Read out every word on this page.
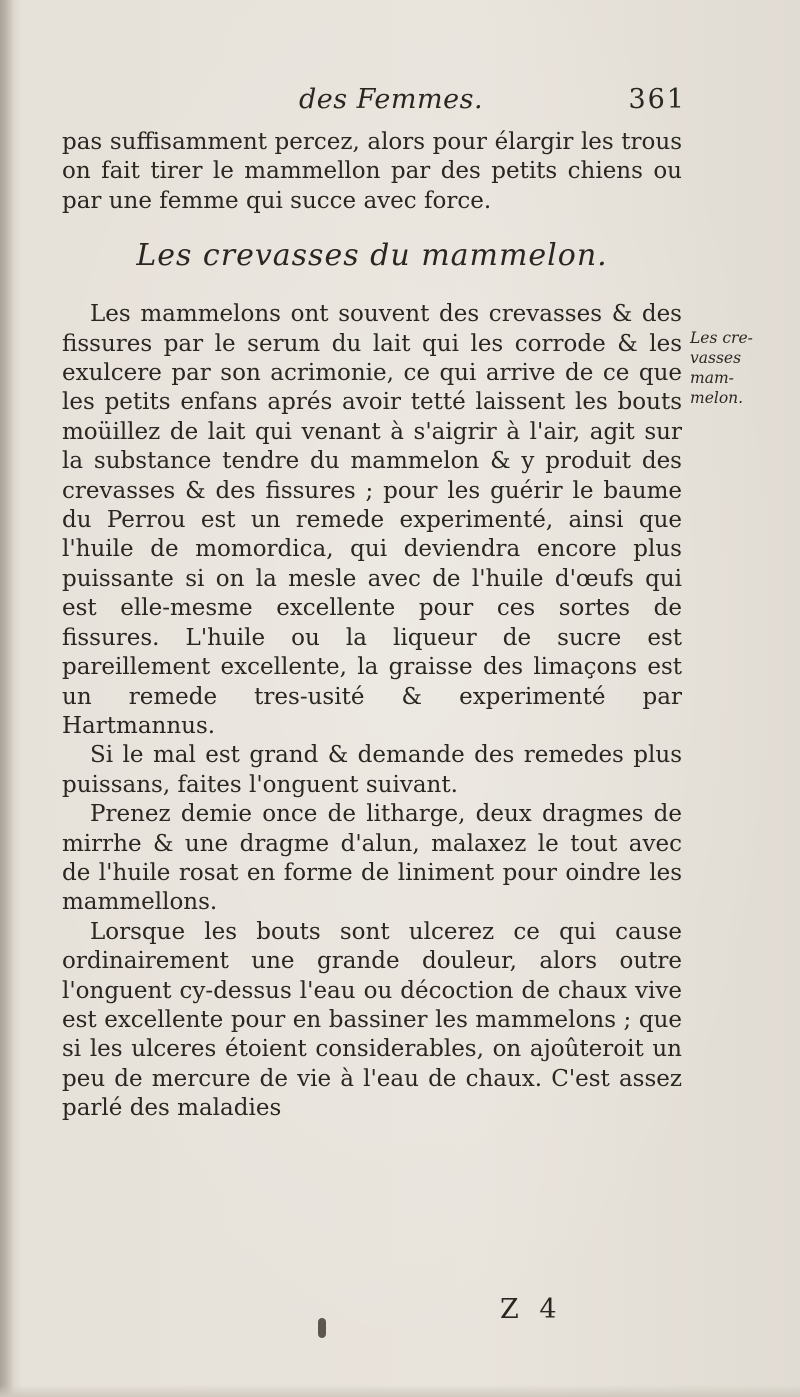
des Femmes.	361

pas suffisamment percez, alors pour élargir les trous on fait tirer le mammellon par des petits chiens ou par une femme qui succe avec force.

Les crevasses du mammelon.

Les mammelons ont souvent des crevasses & des fissures par le serum du lait qui les corrode & les exulcere par son acrimonie, ce qui arrive de ce que les petits enfans aprés avoir tetté laissent les bouts moüillez de lait qui venant à s'aigrir à l'air, agit sur la substance tendre du mammelon & y produit des crevasses & des fissures ; pour les guérir le baume du Perrou est un remede experimenté, ainsi que l'huile de momordica, qui deviendra encore plus puissante si on la mesle avec de l'huile d'œufs qui est elle-mesme excellente pour ces sortes de fissures. L'huile ou la liqueur de sucre est pareillement excellente, la graisse des limaçons est un remede tres-usité & experimenté par Hartmannus.

Si le mal est grand & demande des remedes plus puissans, faites l'onguent suivant.

Prenez demie once de litharge, deux dragmes de mirrhe & une dragme d'alun, malaxez le tout avec de l'huile rosat en forme de liniment pour oindre les mammellons.

Lorsque les bouts sont ulcerez ce qui cause ordinairement une grande douleur, alors outre l'onguent cy-dessus l'eau ou décoction de chaux vive est excellente pour en bassiner les mammelons ; que si les ulceres étoient considerables, on ajoûteroit un peu de mercure de vie à l'eau de chaux. C'est assez parlé des maladies

Les cre-
vasses
mam-
melon.
Z 4
